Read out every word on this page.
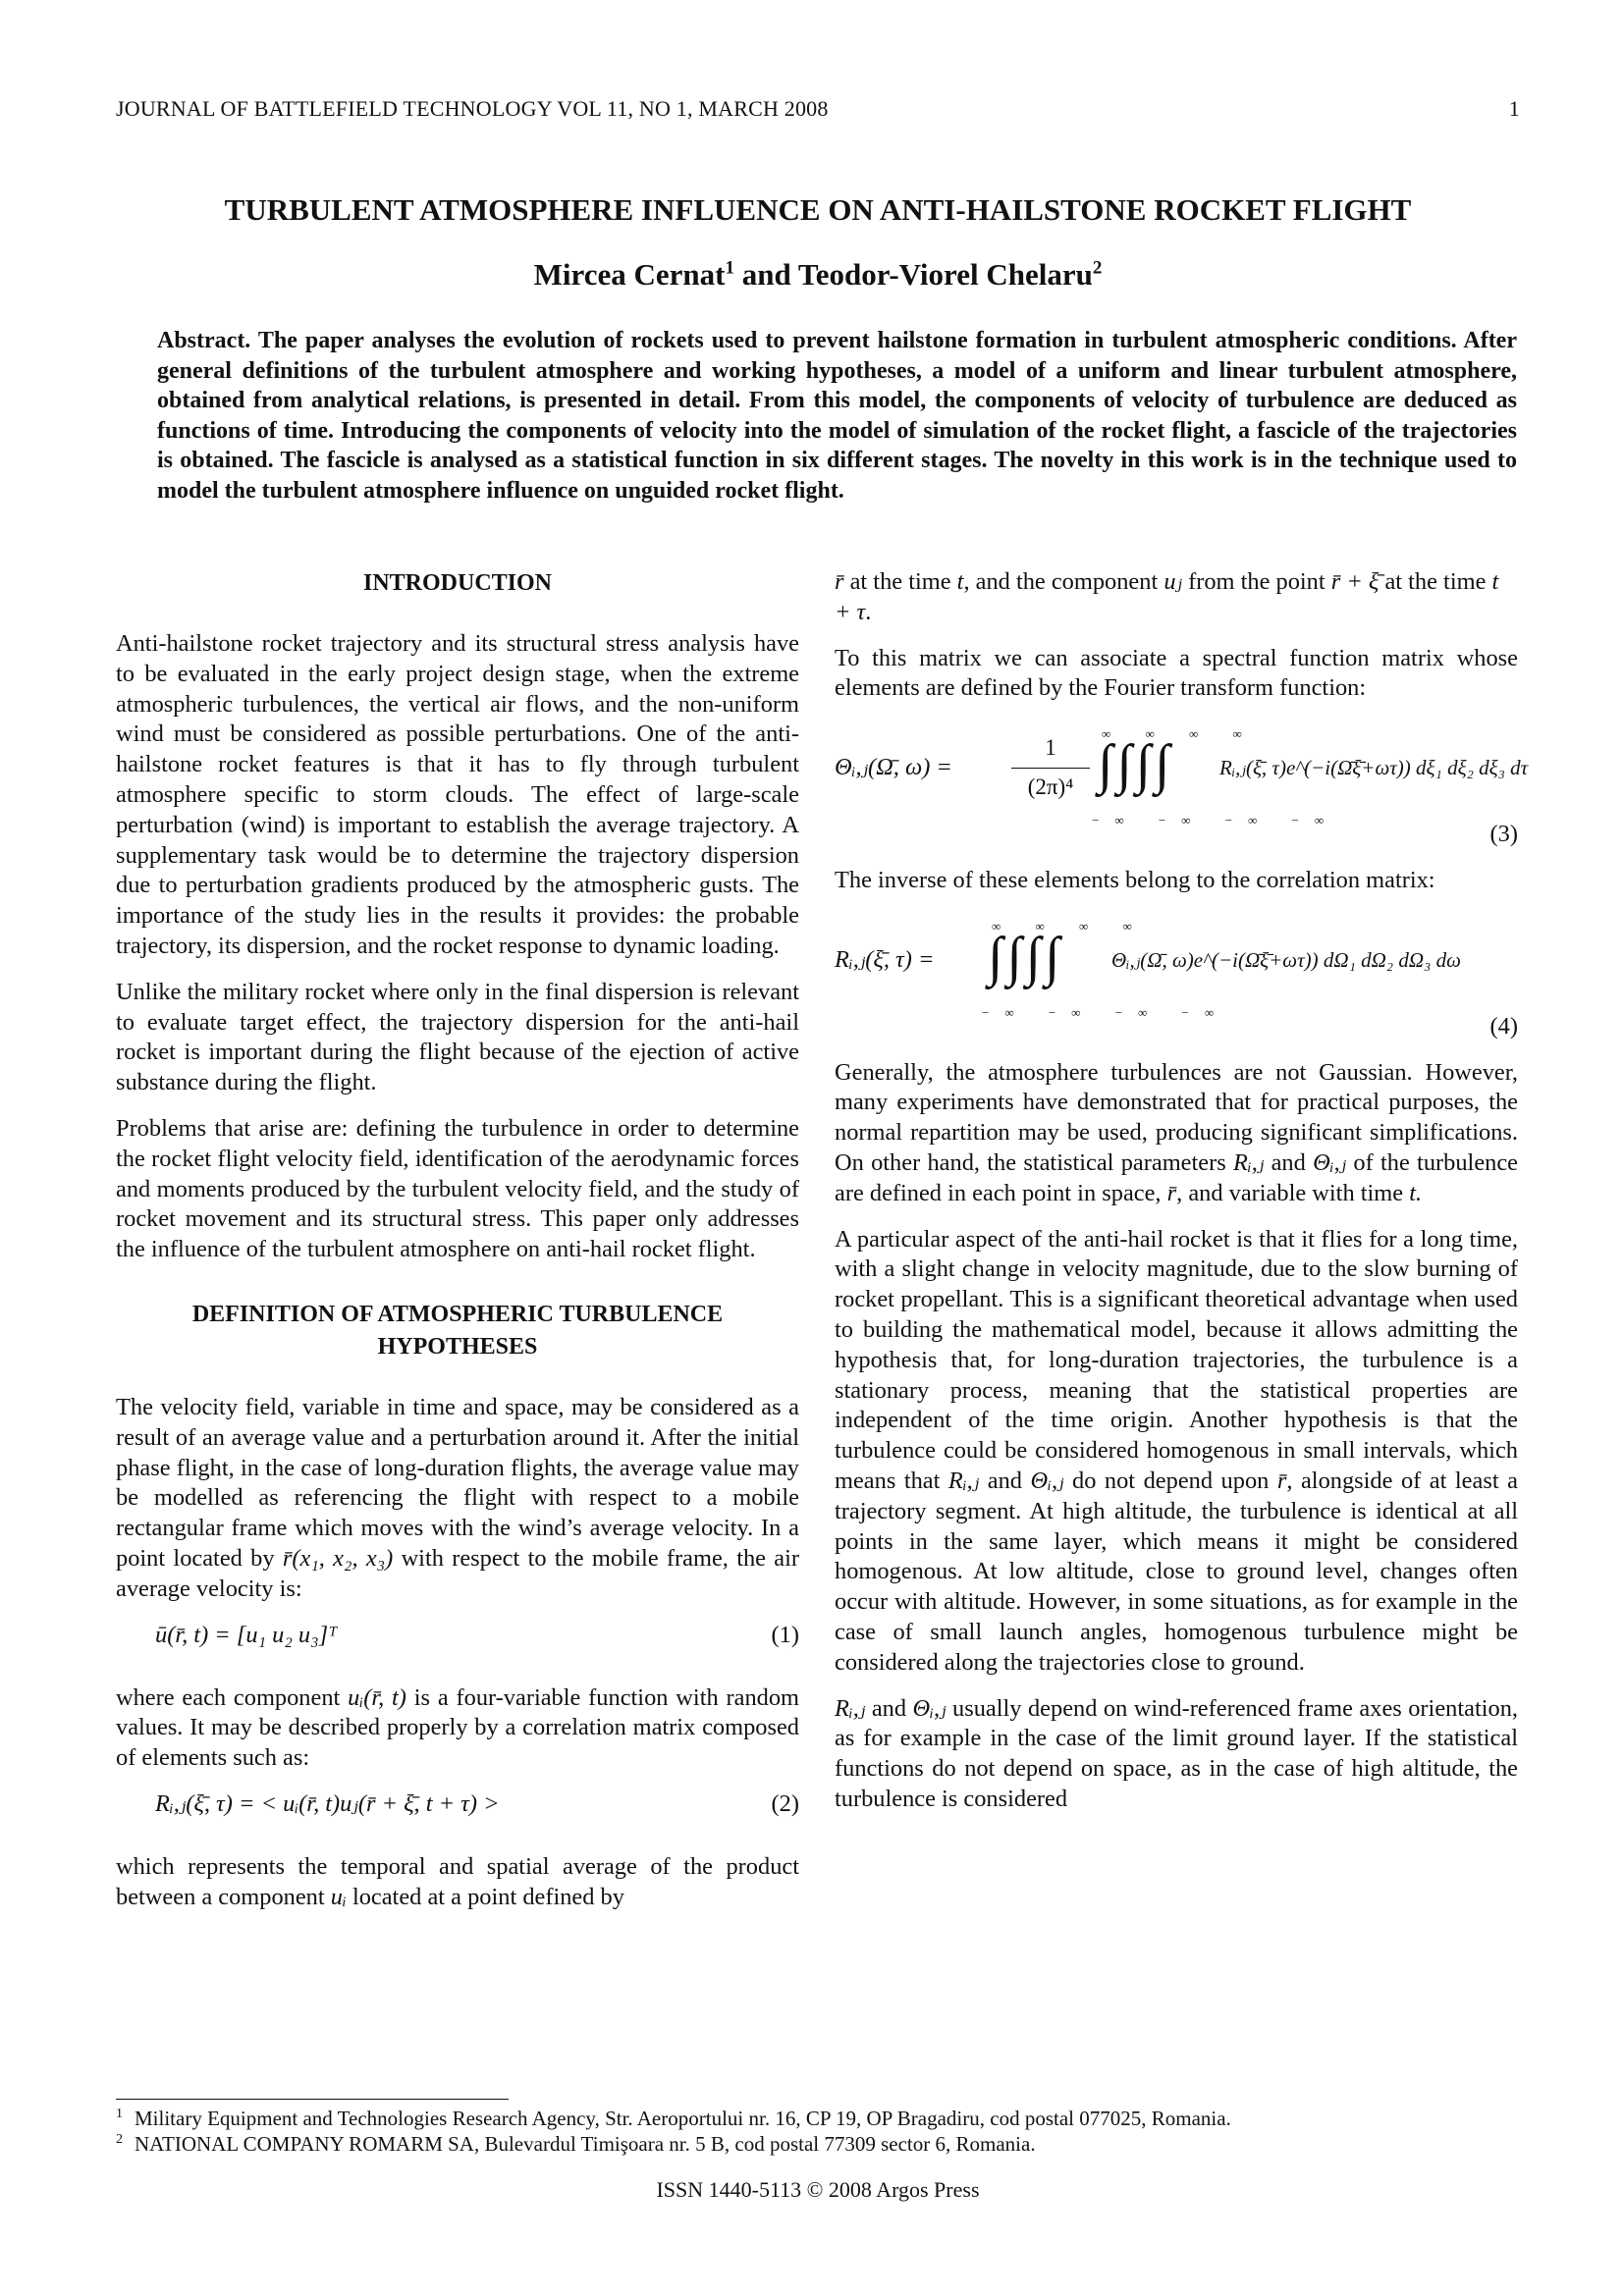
JOURNAL OF BATTLEFIELD TECHNOLOGY VOL 11, NO 1, MARCH 2008	1
TURBULENT ATMOSPHERE INFLUENCE ON ANTI-HAILSTONE ROCKET FLIGHT
Mircea Cernat$^1$ and Teodor-Viorel Chelaru$^2$
Abstract. The paper analyses the evolution of rockets used to prevent hailstone formation in turbulent atmospheric conditions. After general definitions of the turbulent atmosphere and working hypotheses, a model of a uniform and linear turbulent atmosphere, obtained from analytical relations, is presented in detail. From this model, the components of velocity of turbulence are deduced as functions of time. Introducing the components of velocity into the model of simulation of the rocket flight, a fascicle of the trajectories is obtained. The fascicle is analysed as a statistical function in six different stages. The novelty in this work is in the technique used to model the turbulent atmosphere influence on unguided rocket flight.
INTRODUCTION

Anti-hailstone rocket trajectory and its structural stress analysis have to be evaluated in the early project design stage, when the extreme atmospheric turbulences, the vertical air flows, and the non-uniform wind must be considered as possible perturbations. One of the anti-hailstone rocket features is that it has to fly through turbulent atmosphere specific to storm clouds. The effect of large-scale perturbation (wind) is important to establish the average trajectory. A supplementary task would be to determine the trajectory dispersion due to perturbation gradients produced by the atmospheric gusts. The importance of the study lies in the results it provides: the probable trajectory, its dispersion, and the rocket response to dynamic loading.

Unlike the military rocket where only in the final dispersion is relevant to evaluate target effect, the trajectory dispersion for the anti-hail rocket is important during the flight because of the ejection of active substance during the flight.

Problems that arise are: defining the turbulence in order to determine the rocket flight velocity field, identification of the aerodynamic forces and moments produced by the turbulent velocity field, and the study of rocket movement and its structural stress. This paper only addresses the influence of the turbulent atmosphere on anti-hail rocket flight.

DEFINITION OF ATMOSPHERIC TURBULENCE HYPOTHESES

The velocity field, variable in time and space, may be considered as a result of an average value and a perturbation around it. After the initial phase flight, in the case of long-duration flights, the average value may be modelled as referencing the flight with respect to a mobile rectangular frame which moves with the wind’s average velocity. In a point located by r̄(x₁, x₂, x₃) with respect to the mobile frame, the air average velocity is:

ū(r̄, t) = [u₁ u₂ u₃]ᵀ	(1)

where each component uᵢ(r̄, t) is a four-variable function with random values. It may be described properly by a correlation matrix composed of elements such as:

Rᵢ,ⱼ(ξ̄, τ) = < uᵢ(r̄, t)uⱼ(r̄ + ξ̄, t + τ) >	(2)

which represents the temporal and spatial average of the product between a component uᵢ located at a point defined by

r̄ at the time t, and the component uⱼ from the point r̄ + ξ̄ at the time t + τ.

To this matrix we can associate a spectral function matrix whose elements are defined by the Fourier transform function:

Θᵢ,ⱼ(Ω̄, ω) =
1
(2π)⁴
∞ ∞ ∞ ∞
∫∫∫∫
−∞ −∞ −∞ −∞
Rᵢ,ⱼ(ξ̄, τ)e^(−i(Ω̄ξ̄+ωτ)) dξ₁ dξ₂ dξ₃ dτ
(3)

The inverse of these elements belong to the correlation matrix:

Rᵢ,ⱼ(ξ̄, τ) =
∞ ∞ ∞ ∞
∫∫∫∫
−∞ −∞ −∞ −∞
Θᵢ,ⱼ(Ω̄, ω)e^(−i(Ω̄ξ̄+ωτ)) dΩ₁ dΩ₂ dΩ₃ dω
(4)

Generally, the atmosphere turbulences are not Gaussian. However, many experiments have demonstrated that for practical purposes, the normal repartition may be used, producing significant simplifications. On other hand, the statistical parameters Rᵢ,ⱼ and Θᵢ,ⱼ of the turbulence are defined in each point in space, r̄, and variable with time t.

A particular aspect of the anti-hail rocket is that it flies for a long time, with a slight change in velocity magnitude, due to the slow burning of rocket propellant. This is a significant theoretical advantage when used to building the mathematical model, because it allows admitting the hypothesis that, for long-duration trajectories, the turbulence is a stationary process, meaning that the statistical properties are independent of the time origin. Another hypothesis is that the turbulence could be considered homogenous in small intervals, which means that Rᵢ,ⱼ and Θᵢ,ⱼ do not depend upon r̄, alongside of at least a trajectory segment. At high altitude, the turbulence is identical at all points in the same layer, which means it might be considered homogenous. At low altitude, close to ground level, changes often occur with altitude. However, in some situations, as for example in the case of small launch angles, homogenous turbulence might be considered along the trajectories close to ground.

Rᵢ,ⱼ and Θᵢ,ⱼ usually depend on wind-referenced frame axes orientation, as for example in the case of the limit ground layer. If the statistical functions do not depend on space, as in the case of high altitude, the turbulence is considered

$^1$ Military Equipment and Technologies Research Agency, Str. Aeroportului nr. 16, CP 19, OP Bragadiru, cod postal 077025, Romania.
$^2$ NATIONAL COMPANY ROMARM SA, Bulevardul Timişoara nr. 5 B, cod postal 77309 sector 6, Romania.
ISSN 1440-5113 © 2008 Argos Press
